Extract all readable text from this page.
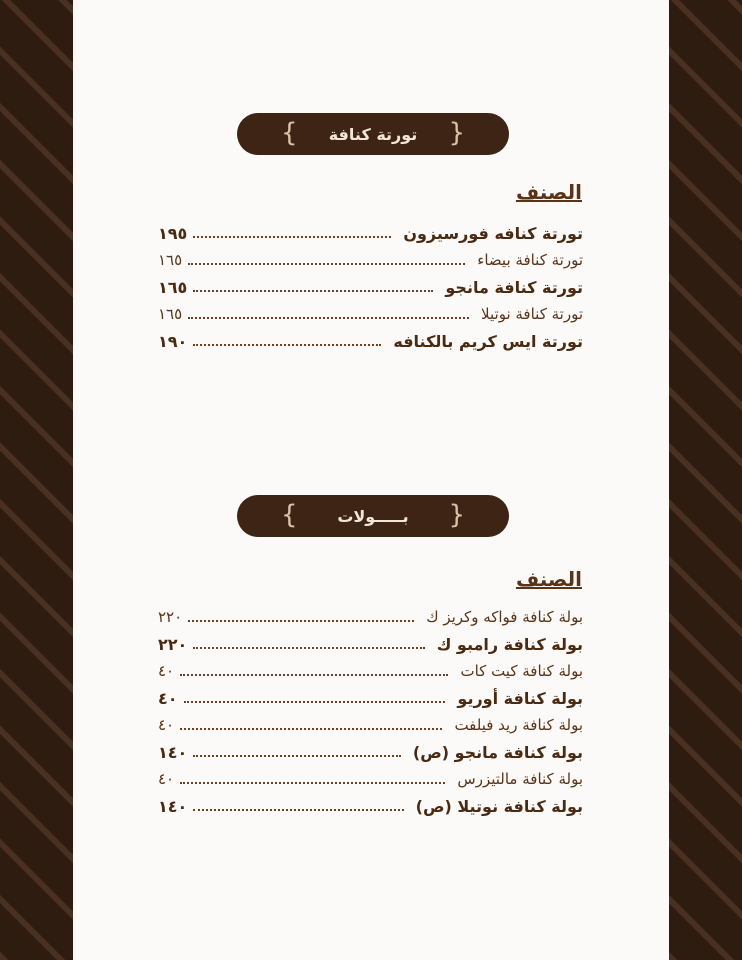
{ تورتة كنافة }
الصنف
تورتة كنافه فورسيزون
١٩٥
تورتة كنافة بيضاء
١٦٥
تورتة كنافة مانجو
١٦٥
تورتة كنافة نوتيلا
١٦٥
تورتة ايس كريم بالكنافه
١٩٠
{ بـــــولات }
الصنف
بولة كنافة فواكه وكريز ك
٢٢٠
بولة كنافة رامبو ك
٢٢٠
بولة كنافة كيت كات
٤٠
بولة كنافة أوريو
٤٠
بولة كنافة ريد فيلفت
٤٠
بولة كنافة مانجو (ص)
١٤٠
بولة كنافة مالتيزرس
٤٠
بولة كنافة نوتيلا (ص)
١٤٠
